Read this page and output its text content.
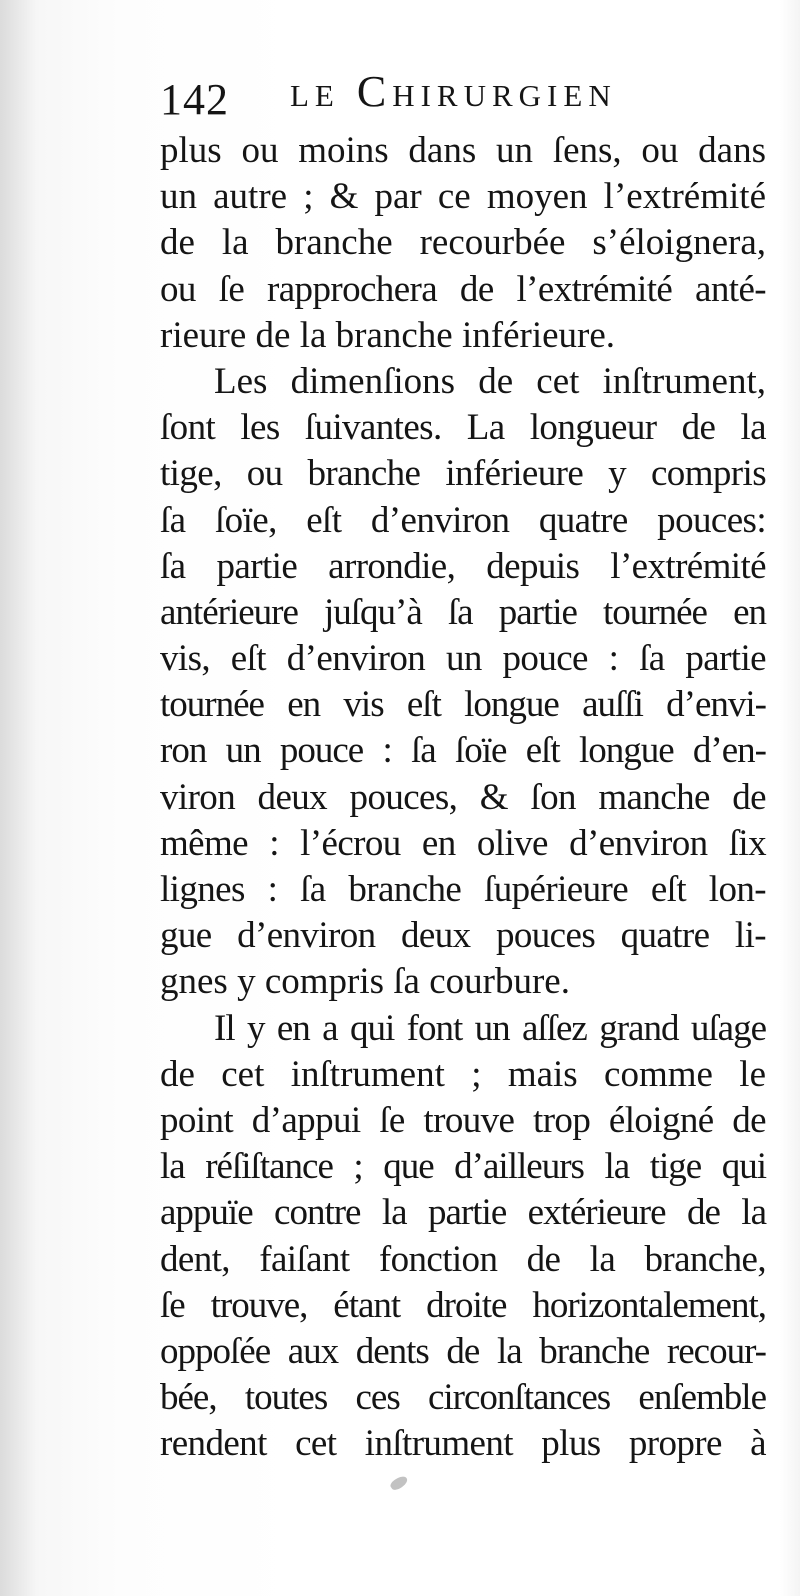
142 le Chirurgien
plus ou moins dans un ſens, ou dans
un autre ; & par ce moyen l’extrémité
de la branche recourbée s’éloignera,
ou ſe rapprochera de l’extrémité anté-
rieure de la branche inférieure.
Les dimenſions de cet inſtrument,
ſont les ſuivantes. La longueur de la
tige, ou branche inférieure y compris
ſa ſoïe, eſt d’environ quatre pouces:
ſa partie arrondie, depuis l’extrémité
antérieure juſqu’à ſa partie tournée en
vis, eſt d’environ un pouce : ſa partie
tournée en vis eſt longue auſſi d’envi-
ron un pouce : ſa ſoïe eſt longue d’en-
viron deux pouces, & ſon manche de
même : l’écrou en olive d’environ ſix
lignes : ſa branche ſupérieure eſt lon-
gue d’environ deux pouces quatre li-
gnes y compris ſa courbure.
Il y en a qui font un aſſez grand uſage
de cet inſtrument ; mais comme le
point d’appui ſe trouve trop éloigné de
la réſiſtance ; que d’ailleurs la tige qui
appuïe contre la partie extérieure de la
dent, faiſant fonction de la branche,
ſe trouve, étant droite horizontalement,
oppoſée aux dents de la branche recour-
bée, toutes ces circonſtances enſemble
rendent cet inſtrument plus propre à
